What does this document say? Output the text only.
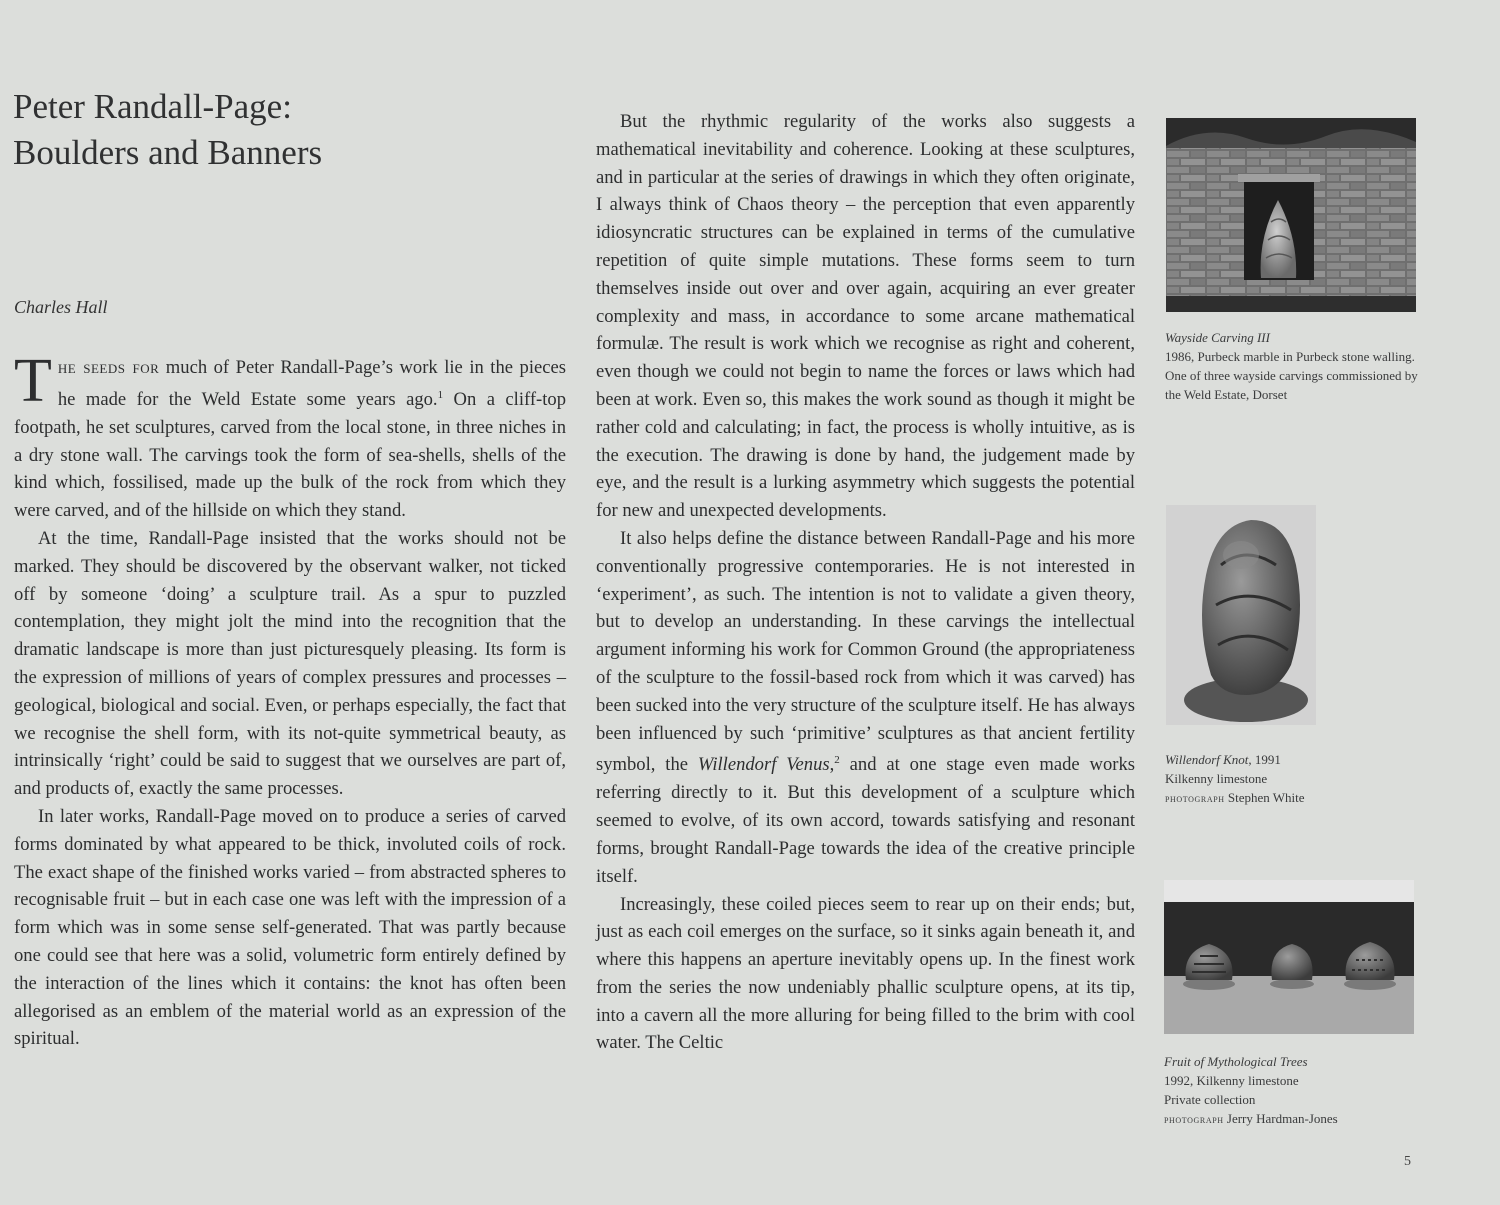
Peter Randall-Page:
Boulders and Banners
Charles Hall

The seeds for much of Peter Randall-Page’s work lie in the pieces he made for the Weld Estate some years ago.$^1$ On a cliff-top footpath, he set sculptures, carved from the local stone, in three niches in a dry stone wall. The carvings took the form of sea-shells, shells of the kind which, fossilised, made up the bulk of the rock from which they were carved, and of the hillside on which they stand.

At the time, Randall-Page insisted that the works should not be marked. They should be discovered by the observant walker, not ticked off by someone ‘doing’ a sculpture trail. As a spur to puzzled contemplation, they might jolt the mind into the recognition that the dramatic landscape is more than just picturesquely pleasing. Its form is the expression of millions of years of complex pressures and processes – geological, biological and social. Even, or perhaps especially, the fact that we recognise the shell form, with its not-quite symmetrical beauty, as intrinsically ‘right’ could be said to suggest that we ourselves are part of, and products of, exactly the same processes.

In later works, Randall-Page moved on to produce a series of carved forms dominated by what appeared to be thick, involuted coils of rock. The exact shape of the finished works varied – from abstracted spheres to recognisable fruit – but in each case one was left with the impression of a form which was in some sense self-generated. That was partly because one could see that here was a solid, volumetric form entirely defined by the interaction of the lines which it contains: the knot has often been allegorised as an emblem of the material world as an expression of the spiritual.

But the rhythmic regularity of the works also suggests a mathematical inevitability and coherence. Looking at these sculptures, and in particular at the series of drawings in which they often originate, I always think of Chaos theory – the perception that even apparently idiosyncratic structures can be explained in terms of the cumulative repetition of quite simple mutations. These forms seem to turn themselves inside out over and over again, acquiring an ever greater complexity and mass, in accordance to some arcane mathematical formulæ. The result is work which we recognise as right and coherent, even though we could not begin to name the forces or laws which had been at work. Even so, this makes the work sound as though it might be rather cold and calculating; in fact, the process is wholly intuitive, as is the execution. The drawing is done by hand, the judgement made by eye, and the result is a lurking asymmetry which suggests the potential for new and unexpected developments.

It also helps define the distance between Randall-Page and his more conventionally progressive contemporaries. He is not interested in ‘experiment’, as such. The intention is not to validate a given theory, but to develop an understanding. In these carvings the intellectual argument informing his work for Common Ground (the appropriateness of the sculpture to the fossil-based rock from which it was carved) has been sucked into the very structure of the sculpture itself. He has always been influenced by such ‘primitive’ sculptures as that ancient fertility symbol, the Willendorf Venus,$^2$ and at one stage even made works referring directly to it. But this development of a sculpture which seemed to evolve, of its own accord, towards satisfying and resonant forms, brought Randall-Page towards the idea of the creative principle itself.

Increasingly, these coiled pieces seem to rear up on their ends; but, just as each coil emerges on the surface, so it sinks again beneath it, and where this happens an aperture inevitably opens up. In the finest work from the series the now undeniably phallic sculpture opens, at its tip, into a cavern all the more alluring for being filled to the brim with cool water. The Celtic

Wayside Carving III
1986, Purbeck marble in Purbeck stone walling. One of three wayside carvings commissioned by the Weld Estate, Dorset
Willendorf Knot, 1991
Kilkenny limestone
photograph Stephen White
Fruit of Mythological Trees
1992, Kilkenny limestone
Private collection
photograph Jerry Hardman-Jones
5
